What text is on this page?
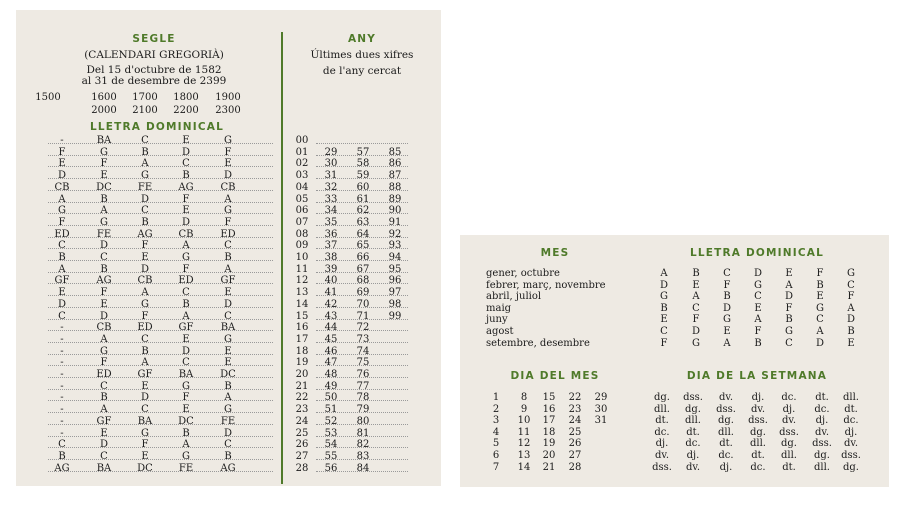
SEGLE
(CALENDARI GREGORIÀ)
Del 15 d'octubre de 1582
al 31 de desembre de 2399
ANY
Últimes dues xifres
de l'any cercat
1500	1600 1700 1800 1900
2000 2100 2200 2300
LLETRA DOMINICAL
-	BA	C	E	G	00
F	G	B	D	F	01 29 57 85
E	F	A	C	E	02 30 58 86
D	E	G	B	D	03 31 59 87
CB	DC	FE	AG	CB	04 32 60 88
A	B	D	F	A	05 33 61 89
G	A	C	E	G	06 34 62 90
F	G	B	D	F	07 35 63 91
ED	FE	AG	CB	ED	08 36 64 92
C	D	F	A	C	09 37 65 93
B	C	E	G	B	10 38 66 94
A	B	D	F	A	11 39 67 95
GF	AG	CB	ED	GF	12 40 68 96
E	F	A	C	E	13 41 69 97
D	E	G	B	D	14 42 70 98
C	D	F	A	C	15 43 71 99
-	CB	ED	GF	BA	16 44 72
-	A	C	E	G	17 45 73
-	G	B	D	E	18 46 74
-	F	A	C	E	19 47 75
-	ED	GF	BA	DC	20 48 76
-	C	E	G	B	21 49 77
-	B	D	F	A	22 50 78
-	A	C	E	G	23 51 79
-	GF	BA	DC	FE	24 52 80
-	E	G	B	D	25 53 81
C	D	F	A	C	26 54 82
B	C	E	G	B	27 55 83
AG	BA	DC	FE	AG	28 56 84
MES	LLETRA DOMINICAL
gener, octubre	A B C D E F G
febrer, març, novembre	D E F G A B C
abril, juliol	G A B C D E F
maig	B C D E F G A
juny	E F G A B C D
agost	C D E F G A B
setembre, desembre	F G A B C D E
DIA DEL MES	DIA DE LA SETMANA
1 8 15 22 29	dg. dss. dv. dj. dc. dt. dll.
2 9 16 23 30	dll. dg. dss. dv. dj. dc. dt.
3 10 17 24 31	dt. dll. dg. dss. dv. dj. dc.
4 11 18 25	dc. dt. dll. dg. dss. dv. dj.
5 12 19 26	dj. dc. dt. dll. dg. dss. dv.
6 13 20 27	dv. dj. dc. dt. dll. dg. dss.
7 14 21 28	dss. dv. dj. dc. dt. dll. dg.
